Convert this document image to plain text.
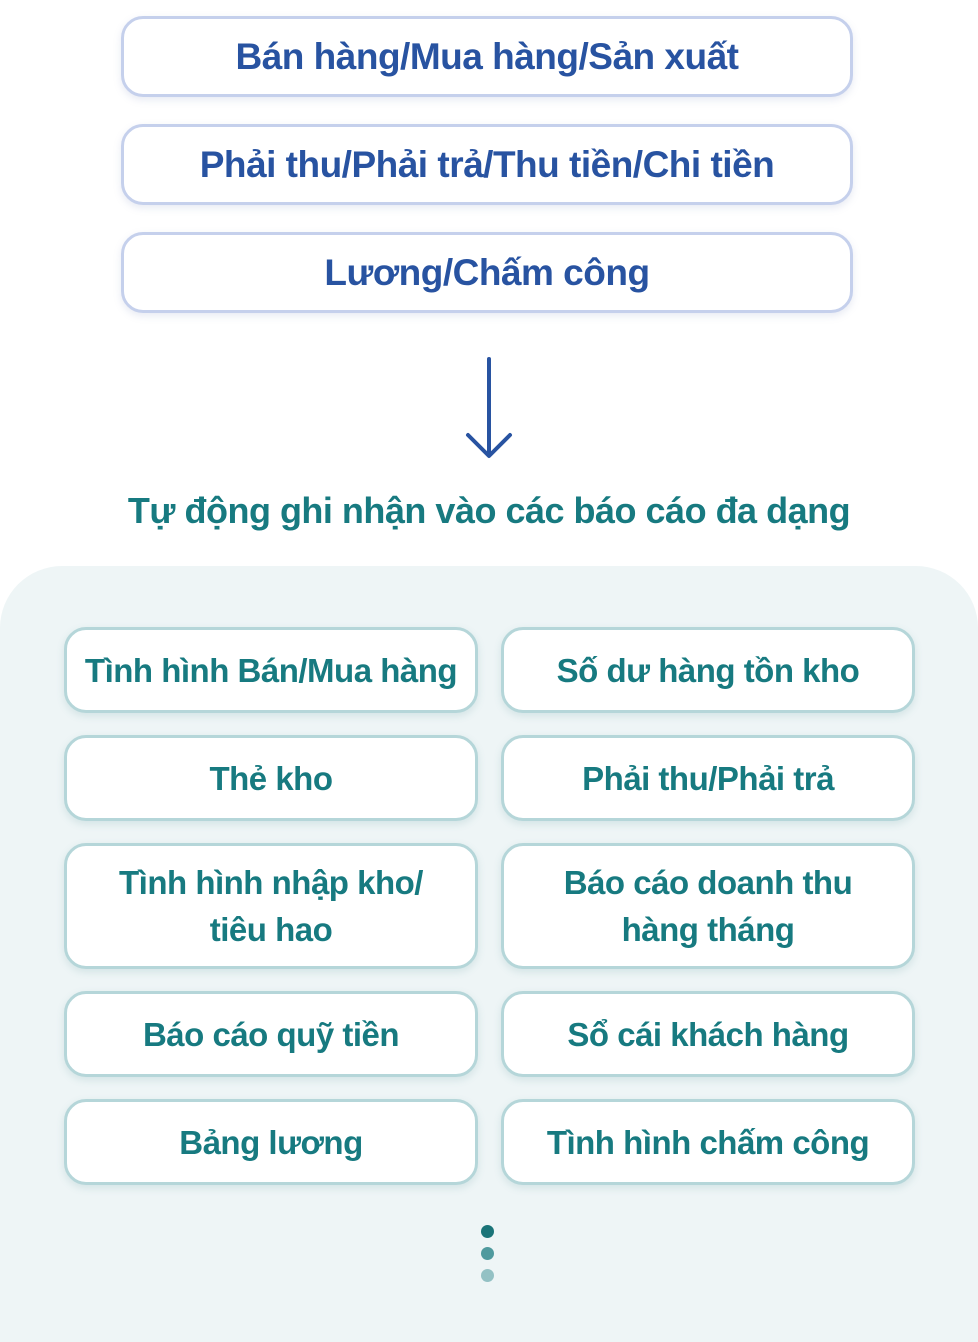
Bán hàng/Mua hàng/Sản xuất
Phải thu/Phải trả/Thu tiền/Chi tiền
Lương/Chấm công
Tự động ghi nhận vào các báo cáo đa dạng
Tình hình Bán/Mua hàng	Số dư hàng tồn kho
Thẻ kho	Phải thu/Phải trả
Tình hình nhập kho/
tiêu hao
Báo cáo doanh thu
hàng tháng
Báo cáo quỹ tiền	Sổ cái khách hàng
Bảng lương	Tình hình chấm công
